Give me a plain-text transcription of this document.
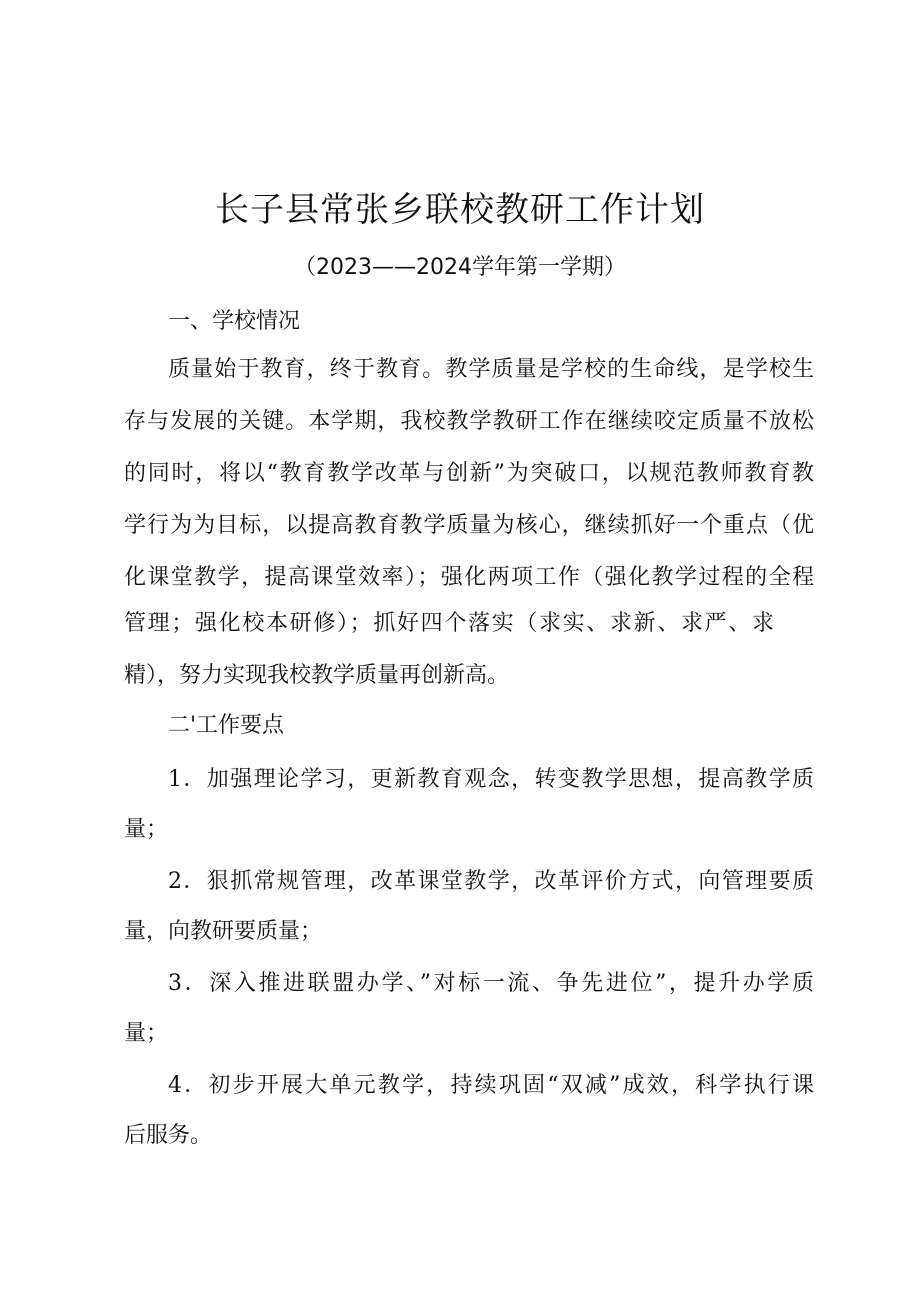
长子县常张乡联校教研工作计划

（2023——2024学年第一学期）

一、学校情况

质量始于教育，终于教育。教学质量是学校的生命线，是学校生

存与发展的关键。本学期，我校教学教研工作在继续咬定质量不放松

的同时，将以“教育教学改革与创新”为突破口，以规范教师教育教

学行为为目标，以提高教育教学质量为核心，继续抓好一个重点（优

化课堂教学，提高课堂效率）；强化两项工作（强化教学过程的全程

管理；强化校本研修）；抓好四个落实（求实、求新、求严、求

精），努力实现我校教学质量再创新高。

二'工作要点

1．加强理论学习，更新教育观念，转变教学思想，提高教学质

量；

2．狠抓常规管理，改革课堂教学，改革评价方式，向管理要质

量，向教研要质量；

3．深入推进联盟办学、”对标一流、争先进位”，提升办学质

量；

4．初步开展大单元教学，持续巩固“双减”成效，科学执行课

后服务。
